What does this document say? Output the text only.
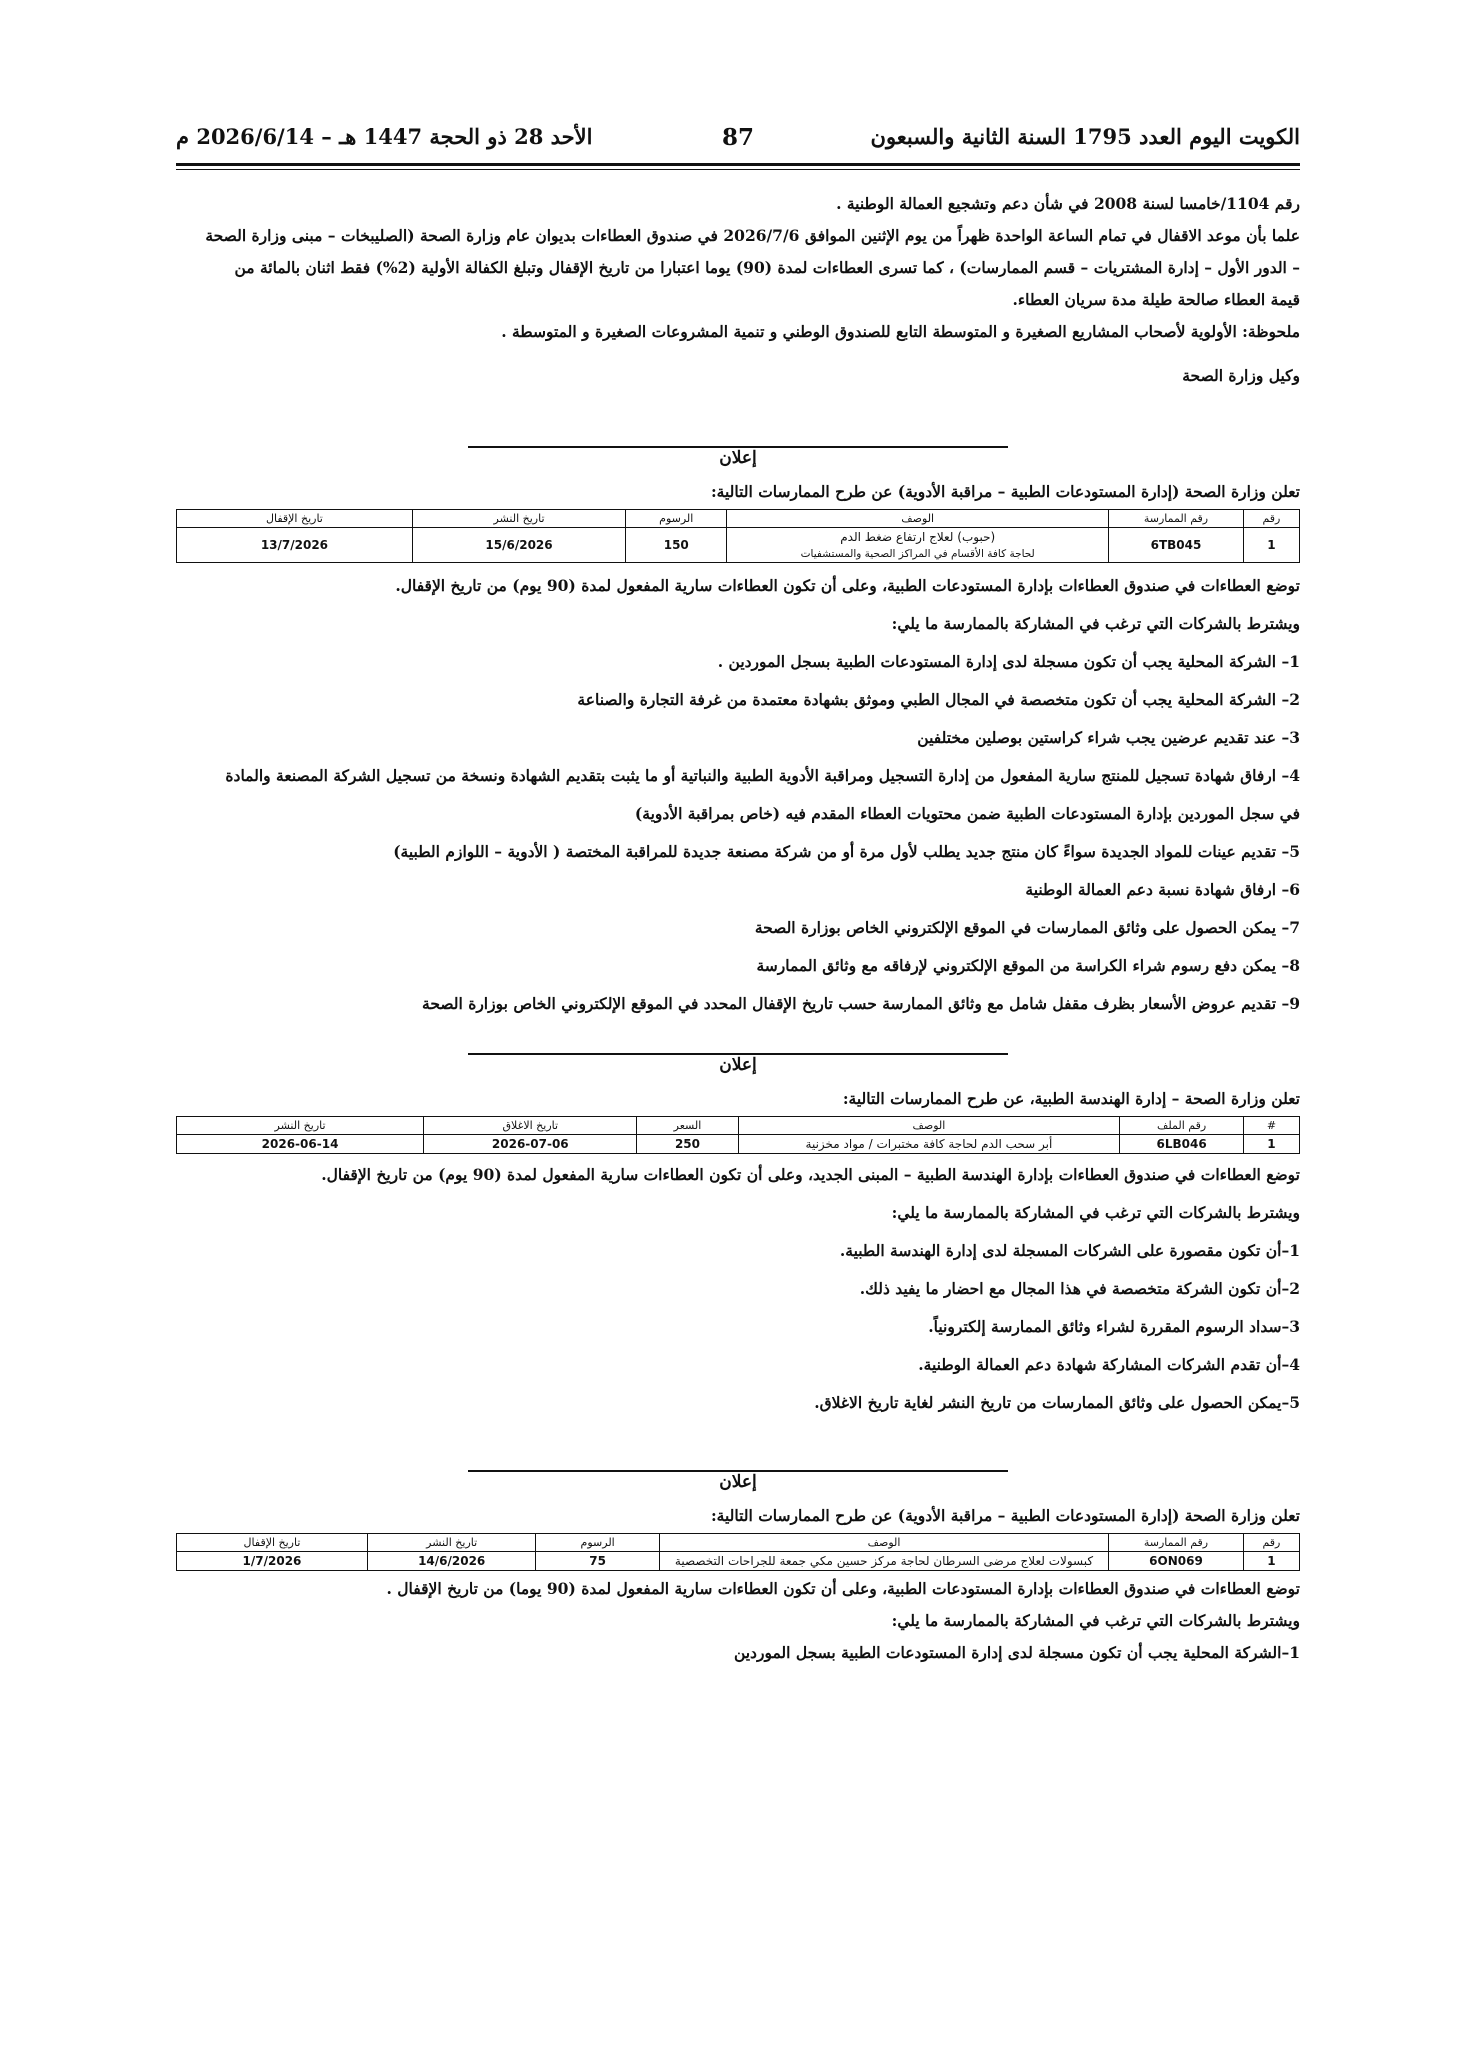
الكويت اليوم العدد 1795 السنة الثانية والسبعون
87
الأحد 28 ذو الحجة 1447 هـ – 2026/6/14 م

رقم 1104/خامسا لسنة 2008 في شأن دعم وتشجيع العمالة الوطنية .

علما بأن موعد الاقفال في تمام الساعة الواحدة ظهراً من يوم الإثنين الموافق 2026/7/6 في صندوق العطاءات بديوان عام وزارة الصحة (الصليبخات – مبنى وزارة الصحة

– الدور الأول – إدارة المشتريات – قسم الممارسات) ، كما تسرى العطاءات لمدة (90) يوما اعتبارا من تاريخ الإقفال وتبلغ الكفالة الأولية (2%) فقط اثنان بالمائة من

قيمة العطاء صالحة طيلة مدة سريان العطاء.

ملحوظة: الأولوية لأصحاب المشاريع الصغيرة و المتوسطة التابع للصندوق الوطني و تنمية المشروعات الصغيرة و المتوسطة .

وكيل وزارة الصحة

إعلان

تعلن وزارة الصحة (إدارة المستودعات الطبية – مراقبة الأدوية) عن طرح الممارسات التالية:

رقم	رقم الممارسة	الوصف	الرسوم	تاريخ النشر	تاريخ الإقفال
1	6TB045	(حبوب) لعلاج ارتفاع ضغط الدم
لحاجة كافة الأقسام في المراكز الصحية والمستشفيات	150	15/6/2026	13/7/2026

توضع العطاءات في صندوق العطاءات بإدارة المستودعات الطبية، وعلى أن تكون العطاءات سارية المفعول لمدة (90 يوم) من تاريخ الإقفال.

ويشترط بالشركات التي ترغب في المشاركة بالممارسة ما يلي:

1– الشركة المحلية يجب أن تكون مسجلة لدى إدارة المستودعات الطبية بسجل الموردين .

2– الشركة المحلية يجب أن تكون متخصصة في المجال الطبي وموثق بشهادة معتمدة من غرفة التجارة والصناعة

3– عند تقديم عرضين يجب شراء كراستين بوصلين مختلفين

4– ارفاق شهادة تسجيل للمنتج سارية المفعول من إدارة التسجيل ومراقبة الأدوية الطبية والنباتية أو ما يثبت بتقديم الشهادة ونسخة من تسجيل الشركة المصنعة والمادة

في سجل الموردين بإدارة المستودعات الطبية ضمن محتويات العطاء المقدم فيه (خاص بمراقبة الأدوية)

5– تقديم عينات للمواد الجديدة سواءً كان منتج جديد يطلب لأول مرة أو من شركة مصنعة جديدة للمراقبة المختصة ( الأدوية – اللوازم الطبية)

6– ارفاق شهادة نسبة دعم العمالة الوطنية

7– يمكن الحصول على وثائق الممارسات في الموقع الإلكتروني الخاص بوزارة الصحة

8– يمكن دفع رسوم شراء الكراسة من الموقع الإلكتروني لإرفاقه مع وثائق الممارسة

9– تقديم عروض الأسعار بظرف مقفل شامل مع وثائق الممارسة حسب تاريخ الإقفال المحدد في الموقع الإلكتروني الخاص بوزارة الصحة

إعلان

تعلن وزارة الصحة – إدارة الهندسة الطبية، عن طرح الممارسات التالية:

#	رقم الملف	الوصف	السعر	تاريخ الاغلاق	تاريخ النشر
1	6LB046	أبر سحب الدم لحاجة كافة مختبرات / مواد مخزنية	250	2026-07-06	2026-06-14

توضع العطاءات في صندوق العطاءات بإدارة الهندسة الطبية – المبنى الجديد، وعلى أن تكون العطاءات سارية المفعول لمدة (90 يوم) من تاريخ الإقفال.

ويشترط بالشركات التي ترغب في المشاركة بالممارسة ما يلي:

1–أن تكون مقصورة على الشركات المسجلة لدى إدارة الهندسة الطبية.

2–أن تكون الشركة متخصصة في هذا المجال مع احضار ما يفيد ذلك.

3–سداد الرسوم المقررة لشراء وثائق الممارسة إلكترونياً.

4–أن تقدم الشركات المشاركة شهادة دعم العمالة الوطنية.

5–يمكن الحصول على وثائق الممارسات من تاريخ النشر لغاية تاريخ الاغلاق.

إعلان

تعلن وزارة الصحة (إدارة المستودعات الطبية – مراقبة الأدوية) عن طرح الممارسات التالية:

رقم	رقم الممارسة	الوصف	الرسوم	تاريخ النشر	تاريخ الإقفال
1	6ON069	كبسولات لعلاج مرضى السرطان لحاجة مركز حسين مكي جمعة للجراحات التخصصية	75	14/6/2026	1/7/2026

توضع العطاءات في صندوق العطاءات بإدارة المستودعات الطبية، وعلى أن تكون العطاءات سارية المفعول لمدة (90 يوما) من تاريخ الإقفال .

ويشترط بالشركات التي ترغب في المشاركة بالممارسة ما يلي:

1–الشركة المحلية يجب أن تكون مسجلة لدى إدارة المستودعات الطبية بسجل الموردين
